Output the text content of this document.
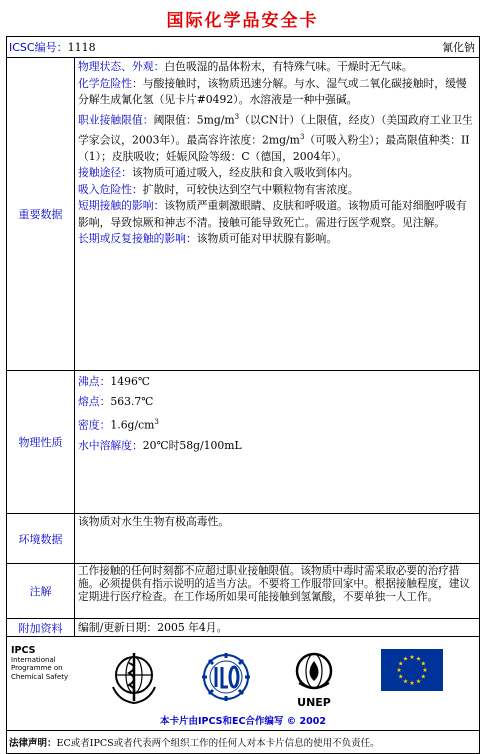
国际化学品安全卡
ICSC编号：1118	氰化钠
重要数据
物理状态、外观：白色吸湿的晶体粉末，有特殊气味。干燥时无气味。
化学危险性：与酸接触时，该物质迅速分解。与水、湿气或二氧化碳接触时，缓慢分解生成氰化氢（见卡片#0492）。水溶液是一种中强碱。
职业接触限值：阈限值：$5mg/m^3$（以CN计）（上限值，经皮）（美国政府工业卫生学家会议，2003年）。最高容许浓度：$2mg/m^3$（可吸入粉尘）；最高限值种类：II（1）；皮肤吸收；妊娠风险等级：C（德国，2004年）。
接触途径：该物质可通过吸入，经皮肤和食入吸收到体内。
吸入危险性：扩散时，可较快达到空气中颗粒物有害浓度。
短期接触的影响：该物质严重刺激眼睛、皮肤和呼吸道。该物质可能对细胞呼吸有影响，导致惊厥和神志不清。接触可能导致死亡。需进行医学观察。见注解。
长期或反复接触的影响：该物质可能对甲状腺有影响。
物理性质
沸点：1496℃
熔点：563.7℃
密度：$1.6g/cm^3$
水中溶解度：20℃时58g/100mL
环境数据
该物质对水生生物有极高毒性。
注解
工作接触的任何时刻都不应超过职业接触限值。该物质中毒时需采取必要的治疗措施。必须提供有指示说明的适当方法。不要将工作服带回家中。根据接触程度，建议定期进行医疗检查。在工作场所如果可能接触到氢氰酸，不要单独一人工作。
附加资料	编制/更新日期：2005 年4月。
IPCS
International
Programme on
Chemical Safety
UNEP
本卡片由IPCS和EC合作编写 © 2002
法律声明： EC或者IPCS或者代表两个组织工作的任何人对本卡片信息的使用不负责任。
